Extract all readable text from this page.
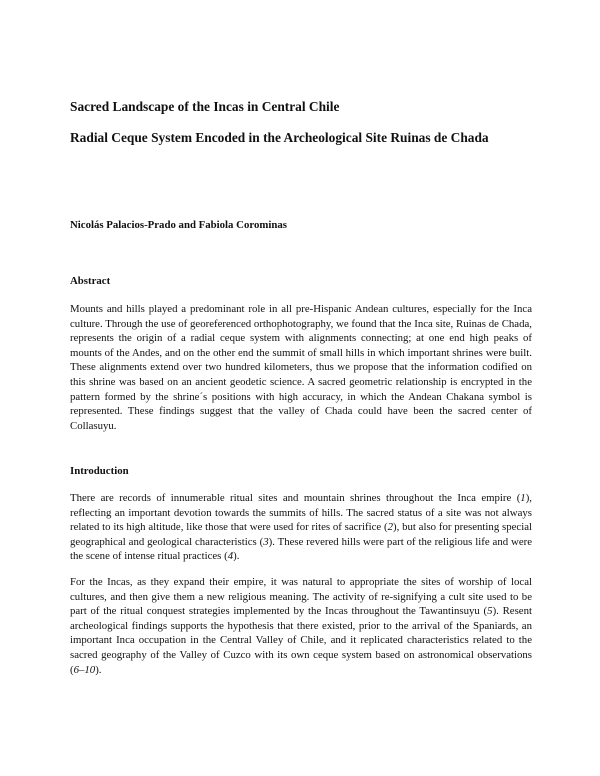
Sacred Landscape of the Incas in Central Chile
Radial Ceque System Encoded in the Archeological Site Ruinas de Chada
Nicolás Palacios-Prado and Fabiola Corominas
Abstract
Mounts and hills played a predominant role in all pre-Hispanic Andean cultures, especially for the Inca culture. Through the use of georeferenced orthophotography, we found that the Inca site, Ruinas de Chada, represents the origin of a radial ceque system with alignments connecting; at one end high peaks of mounts of the Andes, and on the other end the summit of small hills in which important shrines were built. These alignments extend over two hundred kilometers, thus we propose that the information codified on this shrine was based on an ancient geodetic science. A sacred geometric relationship is encrypted in the pattern formed by the shrine´s positions with high accuracy, in which the Andean Chakana symbol is represented. These findings suggest that the valley of Chada could have been the sacred center of Collasuyu.
Introduction
There are records of innumerable ritual sites and mountain shrines throughout the Inca empire (1), reflecting an important devotion towards the summits of hills. The sacred status of a site was not always related to its high altitude, like those that were used for rites of sacrifice (2), but also for presenting special geographical and geological characteristics (3). These revered hills were part of the religious life and were the scene of intense ritual practices (4).
For the Incas, as they expand their empire, it was natural to appropriate the sites of worship of local cultures, and then give them a new religious meaning. The activity of re-signifying a cult site used to be part of the ritual conquest strategies implemented by the Incas throughout the Tawantinsuyu (5). Resent archeological findings supports the hypothesis that there existed, prior to the arrival of the Spaniards, an important Inca occupation in the Central Valley of Chile, and it replicated characteristics related to the sacred geography of the Valley of Cuzco with its own ceque system based on astronomical observations (6–10).
